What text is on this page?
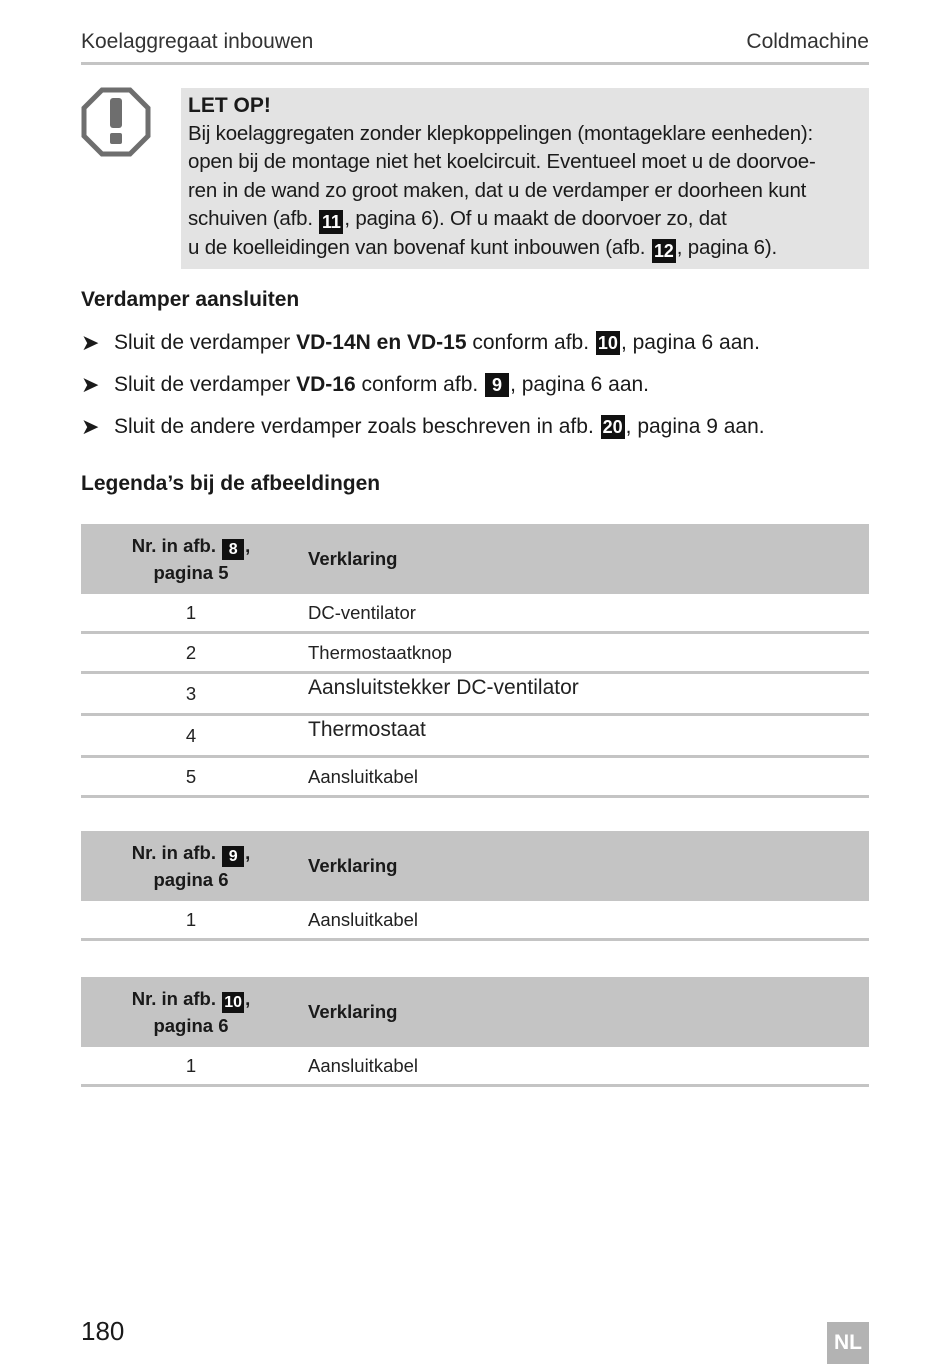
Koelaggregaat inbouwen	Coldmachine
LET OP!
Bij koelaggregaten zonder klepkoppelingen (montageklare eenheden):
open bij de montage niet het koelcircuit. Eventueel moet u de doorvoe-
ren in de wand zo groot maken, dat u de verdamper er doorheen kunt
schuiven (afb. 11 , pagina 6). Of u maakt de doorvoer zo, dat
u de koelleidingen van bovenaf kunt inbouwen (afb. 12 , pagina 6).
Verdamper aansluiten
➤ Sluit de verdamper
VD-14N en VD-15
conform afb.
10 , pagina 6 aan.
➤ Sluit de verdamper
VD-16
conform afb.
9 , pagina 6 aan.
➤ Sluit de andere verdamper zoals beschreven in afb.
20 , pagina 9 aan.
Legenda’s bij de afbeeldingen
Nr. in afb. 8 ,
pagina 5	Verklaring
1	DC-ventilator
2	Thermostaatknop
3	Aansluitstekker DC-ventilator
4	Thermostaat
5	Aansluitkabel
Nr. in afb. 9 ,
pagina 6	Verklaring
1	Aansluitkabel
Nr. in afb. 10 ,
pagina 6	Verklaring
1	Aansluitkabel
180	NL
